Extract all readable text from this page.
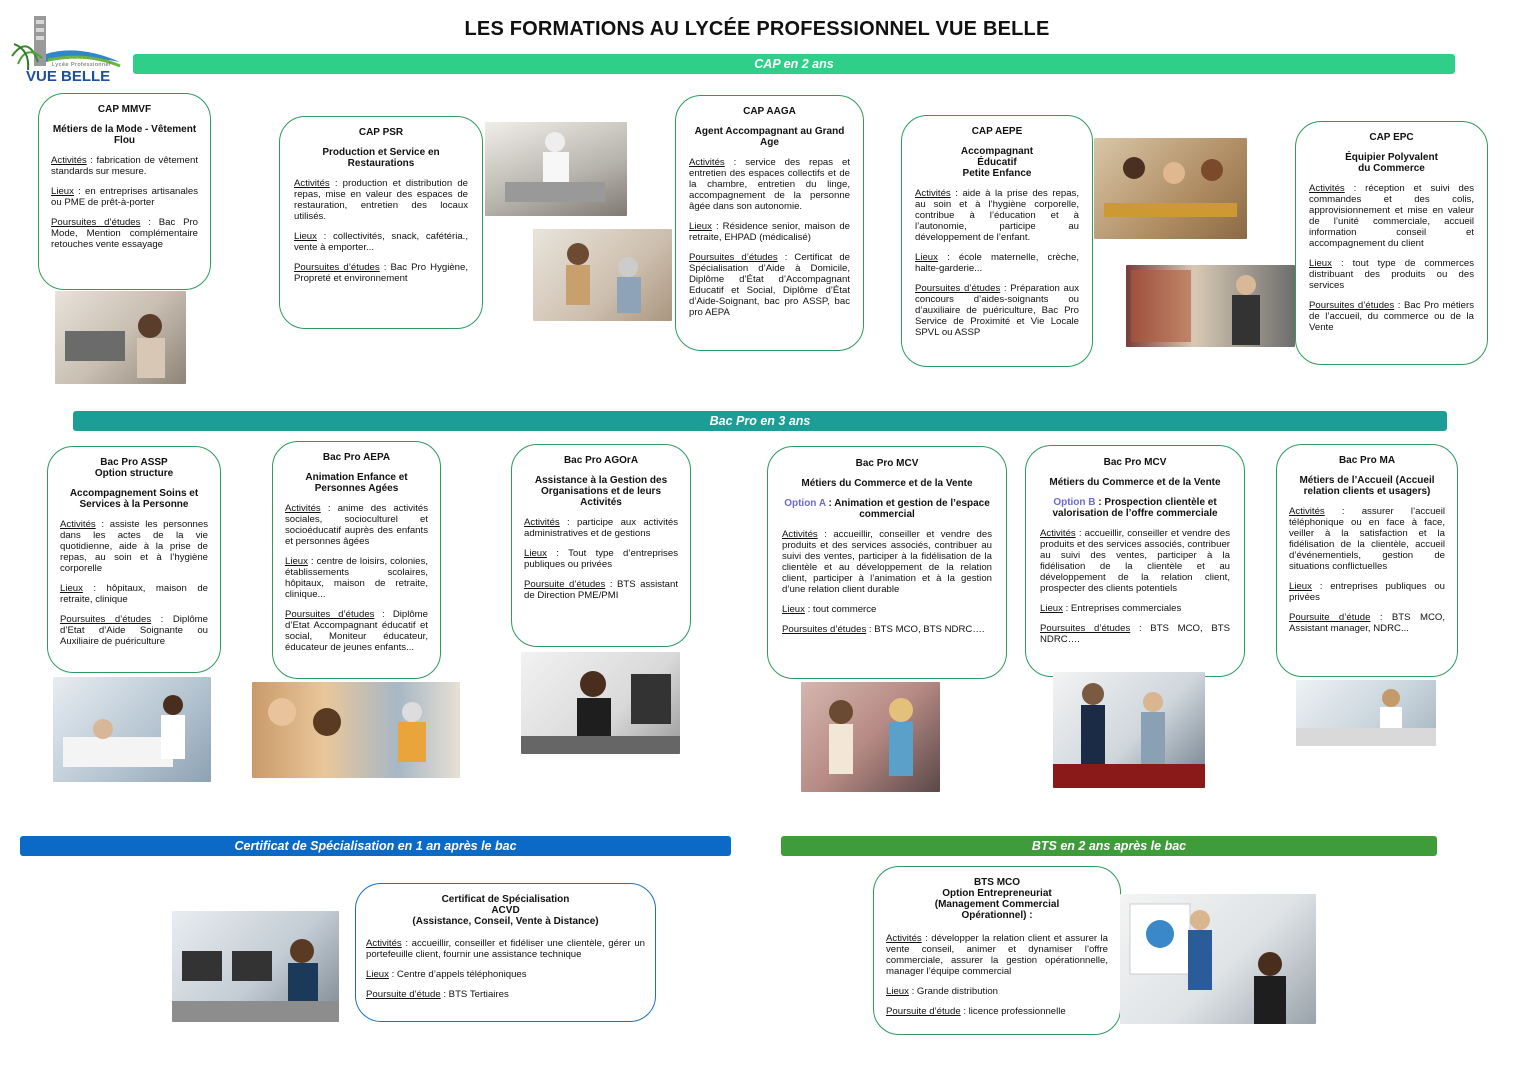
LES FORMATIONS AU LYCÉE PROFESSIONNEL VUE BELLE
Lycée Professionnel
VUE BELLE
CAP en 2 ans
Bac Pro en 3 ans
Certificat de Spécialisation en 1 an après le bac	BTS en 2 ans après le bac
CAP MMVF
Métiers de la Mode - Vêtement Flou

Activités : fabrication de vêtement standards sur mesure.

Lieux : en entreprises artisanales ou PME de prêt-à-porter

Poursuites d’études : Bac Pro Mode, Mention complémentaire retouches vente essayage

CAP PSR
Production et Service en Restaurations

Activités : production et distribution de repas, mise en valeur des espaces de restauration, entretien des locaux utilisés.

Lieux : collectivités, snack, cafétéria., vente à emporter...

Poursuites d’études : Bac Pro Hygiène, Propreté et environnement

CAP AAGA
Agent Accompagnant au Grand Age

Activités : service des repas et entretien des espaces collectifs et de la chambre, entretien du linge, accompagnement de la personne âgée dans son autonomie.

Lieux : Résidence senior, maison de retraite, EHPAD (médicalisé)

Poursuites d’études : Certificat de Spécialisation d’Aide à Domicile, Diplôme d’État d’Accompagnant Educatif et Social, Diplôme d’État d’Aide-Soignant, bac pro ASSP, bac pro AEPA

CAP AEPE
Accompagnant
Éducatif
Petite Enfance

Activités : aide à la prise des repas, au soin et à l’hygiène corporelle, contribue à l’éducation et à l’autonomie, participe au développement de l’enfant.

Lieux : école maternelle, crèche, halte-garderie...

Poursuites d’études : Préparation aux concours d’aides-soignants ou d’auxiliaire de puériculture, Bac Pro Service de Proximité et Vie Locale SPVL ou ASSP

CAP EPC
Équipier Polyvalent
du Commerce

Activités : réception et suivi des commandes et des colis, approvisionnement et mise en valeur de l’unité commerciale, accueil information conseil et accompagnement du client

Lieux : tout type de commerces distribuant des produits ou des services

Poursuites d’études : Bac Pro métiers de l’accueil, du commerce ou de la Vente

Bac Pro ASSP
Option structure
Accompagnement Soins et Services à la Personne

Activités : assiste les personnes dans les actes de la vie quotidienne, aide à la prise de repas, au soin et à l’hygiène corporelle

Lieux : hôpitaux, maison de retraite, clinique

Poursuites d’études : Diplôme d’Etat d’Aide Soignante ou Auxiliaire de puériculture

Bac Pro AEPA
Animation Enfance et Personnes Agées

Activités : anime des activités sociales, socioculturel et socioéducatif auprès des enfants et personnes âgées

Lieux : centre de loisirs, colonies, établissements scolaires, hôpitaux, maison de retraite, clinique...

Poursuites d’études : Diplôme d’Etat Accompagnant éducatif et social, Moniteur éducateur, éducateur de jeunes enfants...

Bac Pro AGOrA
Assistance à la Gestion des Organisations et de leurs Activités

Activités : participe aux activités administratives et de gestions

Lieux : Tout type d’entreprises publiques ou privées

Poursuite d’études : BTS assistant de Direction PME/PMI

Bac Pro MCV
Métiers du Commerce et de la Vente
Option A : Animation et gestion de l’espace commercial

Activités : accueillir, conseiller et vendre des produits et des services associés, contribuer au suivi des ventes, participer à la fidélisation de la clientèle et au développement de la relation client, participer à l’animation et à la gestion d’une relation client durable

Lieux : tout commerce

Poursuites d’études : BTS MCO, BTS NDRC….

Bac Pro MCV
Métiers du Commerce et de la Vente
Option B : Prospection clientèle et valorisation de l’offre commerciale

Activités : accueillir, conseiller et vendre des produits et des services associés, contribuer au suivi des ventes, participer à la fidélisation de la clientèle et au développement de la relation client, prospecter des clients potentiels

Lieux : Entreprises commerciales

Poursuites d’études : BTS MCO, BTS NDRC….

Bac Pro MA
Métiers de l’Accueil (Accueil relation clients et usagers)

Activités : assurer l’accueil téléphonique ou en face à face, veiller à la satisfaction et la fidélisation de la clientèle, accueil d’événementiels, gestion de situations conflictuelles

Lieux : entreprises publiques ou privées

Poursuite d’étude : BTS MCO, Assistant manager, NDRC...

Certificat de Spécialisation
ACVD
(Assistance, Conseil, Vente à Distance)

Activités : accueillir, conseiller et fidéliser une clientèle, gérer un portefeuille client, fournir une assistance technique

Lieux : Centre d’appels téléphoniques

Poursuite d’étude : BTS Tertiaires

BTS MCO
Option Entrepreneuriat
(Management Commercial Opérationnel) :

Activités : développer la relation client et assurer la vente conseil, animer et dynamiser l’offre commerciale, assurer la gestion opérationnelle, manager l’équipe commercial

Lieux : Grande distribution

Poursuite d’étude : licence professionnelle
